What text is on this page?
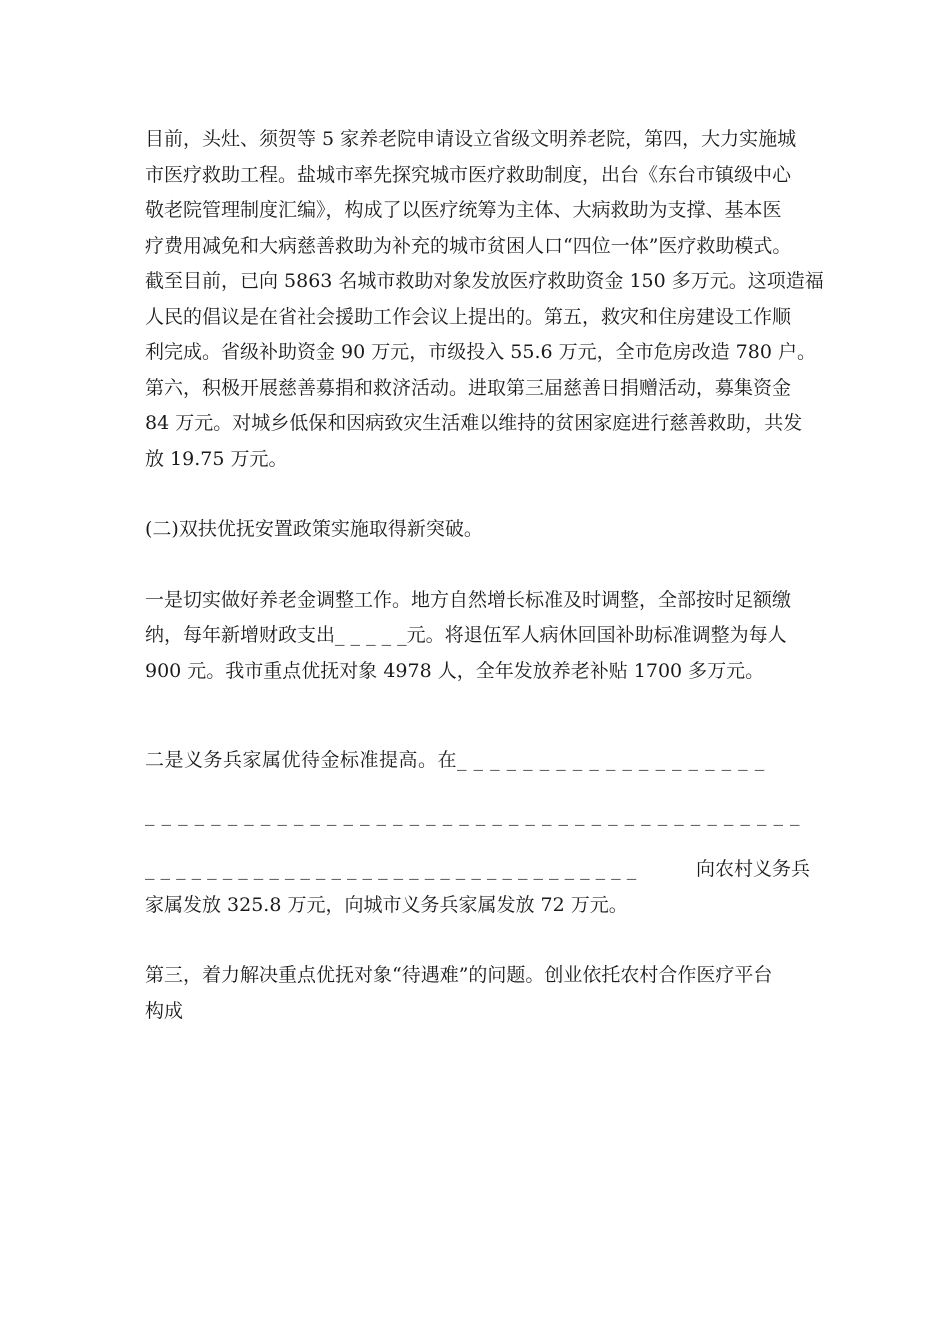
目前，头灶、须贺等 5 家养老院申请设立省级文明养老院，第四，大力实施城

市医疗救助工程。盐城市率先探究城市医疗救助制度，出台《东台市镇级中心

敬老院管理制度汇编》，构成了以医疗统筹为主体、大病救助为支撑、基本医

疗费用减免和大病慈善救助为补充的城市贫困人口“四位一体”医疗救助模式。

截至目前，已向 5863 名城市救助对象发放医疗救助资金 150 多万元。这项造福

人民的倡议是在省社会援助工作会议上提出的。第五，救灾和住房建设工作顺

利完成。省级补助资金 90 万元，市级投入 55.6 万元，全市危房改造 780 户。

第六，积极开展慈善募捐和救济活动。进取第三届慈善日捐赠活动，募集资金

84 万元。对城乡低保和因病致灾生活难以维持的贫困家庭进行慈善救助，共发

放 19.75 万元。

(二)双扶优抚安置政策实施取得新突破。

一是切实做好养老金调整工作。地方自然增长标准及时调整，全部按时足额缴

纳，每年新增财政支出_ _ _ _ _元。将退伍军人病休回国补助标准调整为每人

900 元。我市重点优抚对象 4978 人，全年发放养老补贴 1700 多万元。

二是义务兵家属优待金标准提高。在_ _ _ _ _ _ _ _ _ _ _ _ _ _ _ _ _ _ _

_ _ _ _ _ _ _ _ _ _ _ _ _ _ _ _ _ _ _ _ _ _ _ _ _ _ _ _ _ _ _ _ _ _ _ _ _ _ _ _

_ _ _ _ _ _ _ _ _ _ _ _ _ _ _ _ _ _ _ _ _ _ _ _ _ _ _ _ _ _ _ _	向农村义务兵

家属发放 325.8 万元，向城市义务兵家属发放 72 万元。

第三，着力解决重点优抚对象“待遇难”的问题。创业依托农村合作医疗平台

构成
